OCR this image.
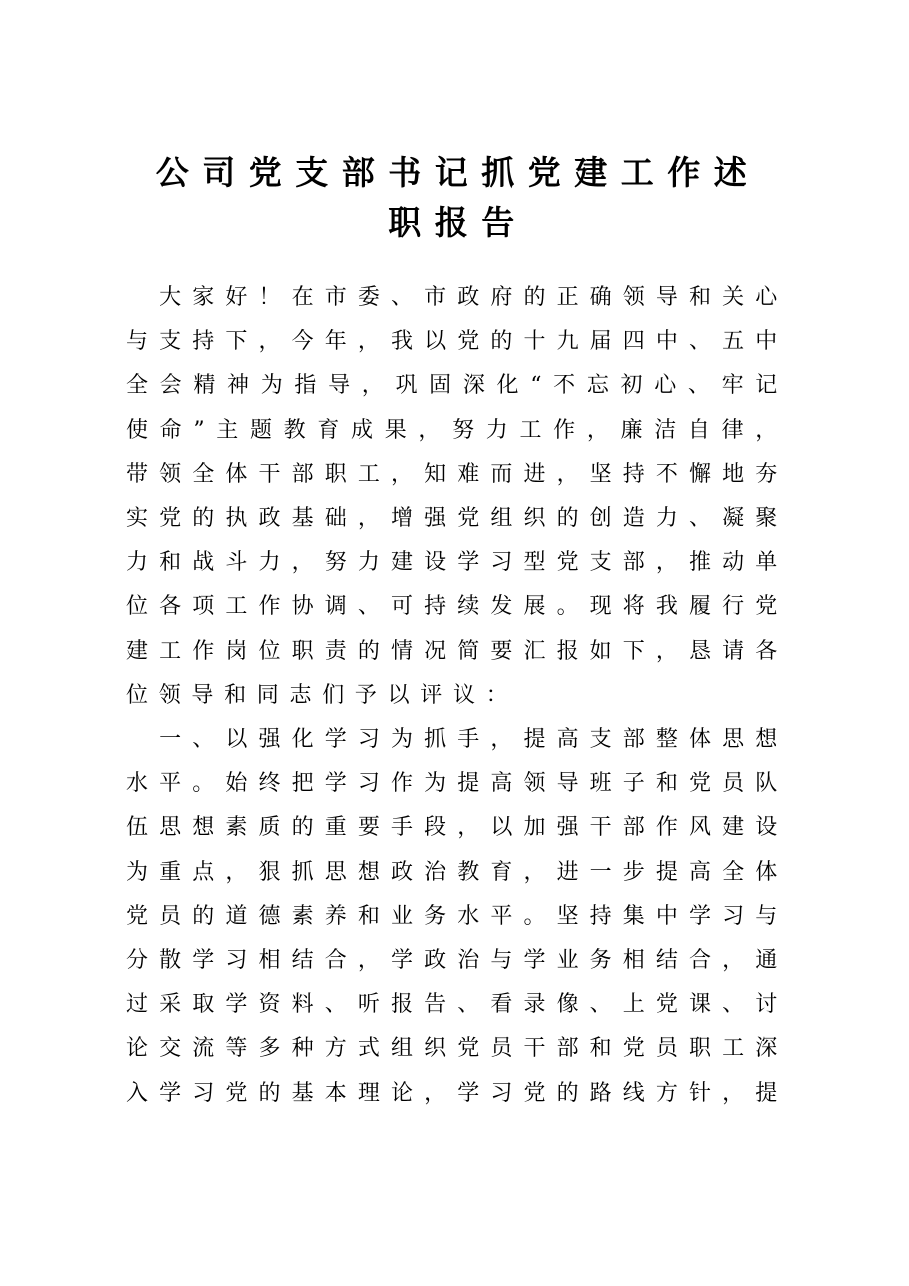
公司党支部书记抓党建工作述
职报告
　大家好！在市委、市政府的正确领导和关心
与支持下，今年，我以党的十九届四中、五中
全会精神为指导，巩固深化“不忘初心、牢记
使命”主题教育成果，努力工作，廉洁自律，
带领全体干部职工，知难而进，坚持不懈地夯
实党的执政基础，增强党组织的创造力、凝聚
力和战斗力，努力建设学习型党支部，推动单
位各项工作协调、可持续发展。现将我履行党
建工作岗位职责的情况简要汇报如下，恳请各
位领导和同志们予以评议：
　一、以强化学习为抓手，提高支部整体思想
水平。始终把学习作为提高领导班子和党员队
伍思想素质的重要手段，以加强干部作风建设
为重点，狠抓思想政治教育，进一步提高全体
党员的道德素养和业务水平。坚持集中学习与
分散学习相结合，学政治与学业务相结合，通
过采取学资料、听报告、看录像、上党课、讨
论交流等多种方式组织党员干部和党员职工深
入学习党的基本理论，学习党的路线方针，提
